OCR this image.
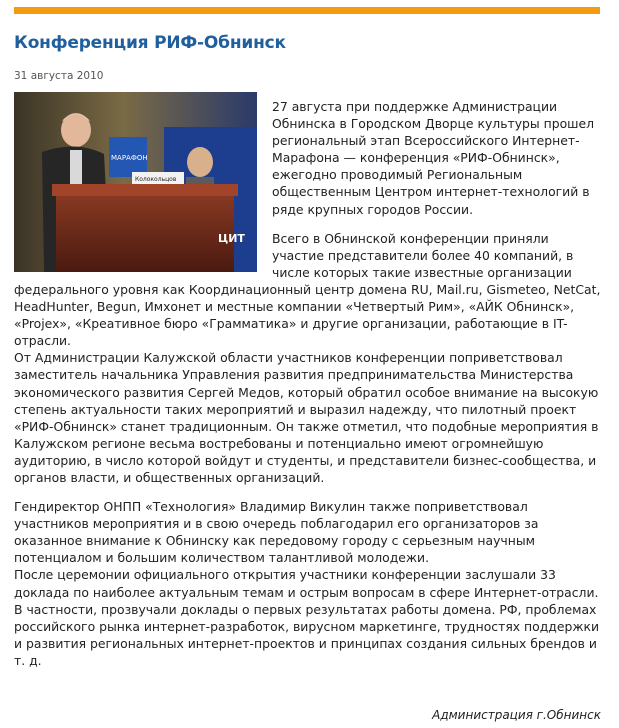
Конференция РИФ-Обнинск
31 августа 2010
МАРАФОН
Колокольцов
ЦИТ

27 августа при поддержке Администрации Обнинска в Городском Дворце культуры прошел региональный этап Всероссийского Интернет-Марафона — конференция «РИФ-Обнинск», ежегодно проводимый Региональным общественным Центром интернет-технологий в ряде крупных городов России.

Всего в Обнинской конференции приняли участие представители более 40 компаний, в числе которых такие известные организации федерального уровня как Координационный центр домена RU, Mail.ru, Gismeteo, NetCat, HeadHunter, Begun, Имхонет и местные компании «Четвертый Рим», «АЙК Обнинск», «Projex», «Креативное бюро «Грамматика» и другие организации, работающие в IT-отрасли.

От Администрации Калужской области участников конференции поприветствовал заместитель начальника Управления развития предпринимательства Министерства экономического развития Сергей Медов, который обратил особое внимание на высокую степень актуальности таких мероприятий и выразил надежду, что пилотный проект «РИФ-Обнинск» станет традиционным. Он также отметил, что подобные мероприятия в Калужском регионе весьма востребованы и потенциально имеют огромнейшую аудиторию, в число которой войдут и студенты, и представители бизнес-сообщества, и органов власти, и общественных организаций.

Гендиректор ОНПП «Технология» Владимир Викулин также поприветствовал участников мероприятия и в свою очередь поблагодарил его организаторов за оказанное внимание к Обнинску как передовому городу с серьезным научным потенциалом и большим количеством талантливой молодежи.

После церемонии официального открытия участники конференции заслушали 33 доклада по наиболее актуальным темам и острым вопросам в сфере Интернет-отрасли. В частности, прозвучали доклады о первых результатах работы домена. РФ, проблемах российского рынка интернет-разработок, вирусном маркетинге, трудностях поддержки и развития региональных интернет-проектов и принципах создания сильных брендов и т. д.

Администрация г.Обнинск
